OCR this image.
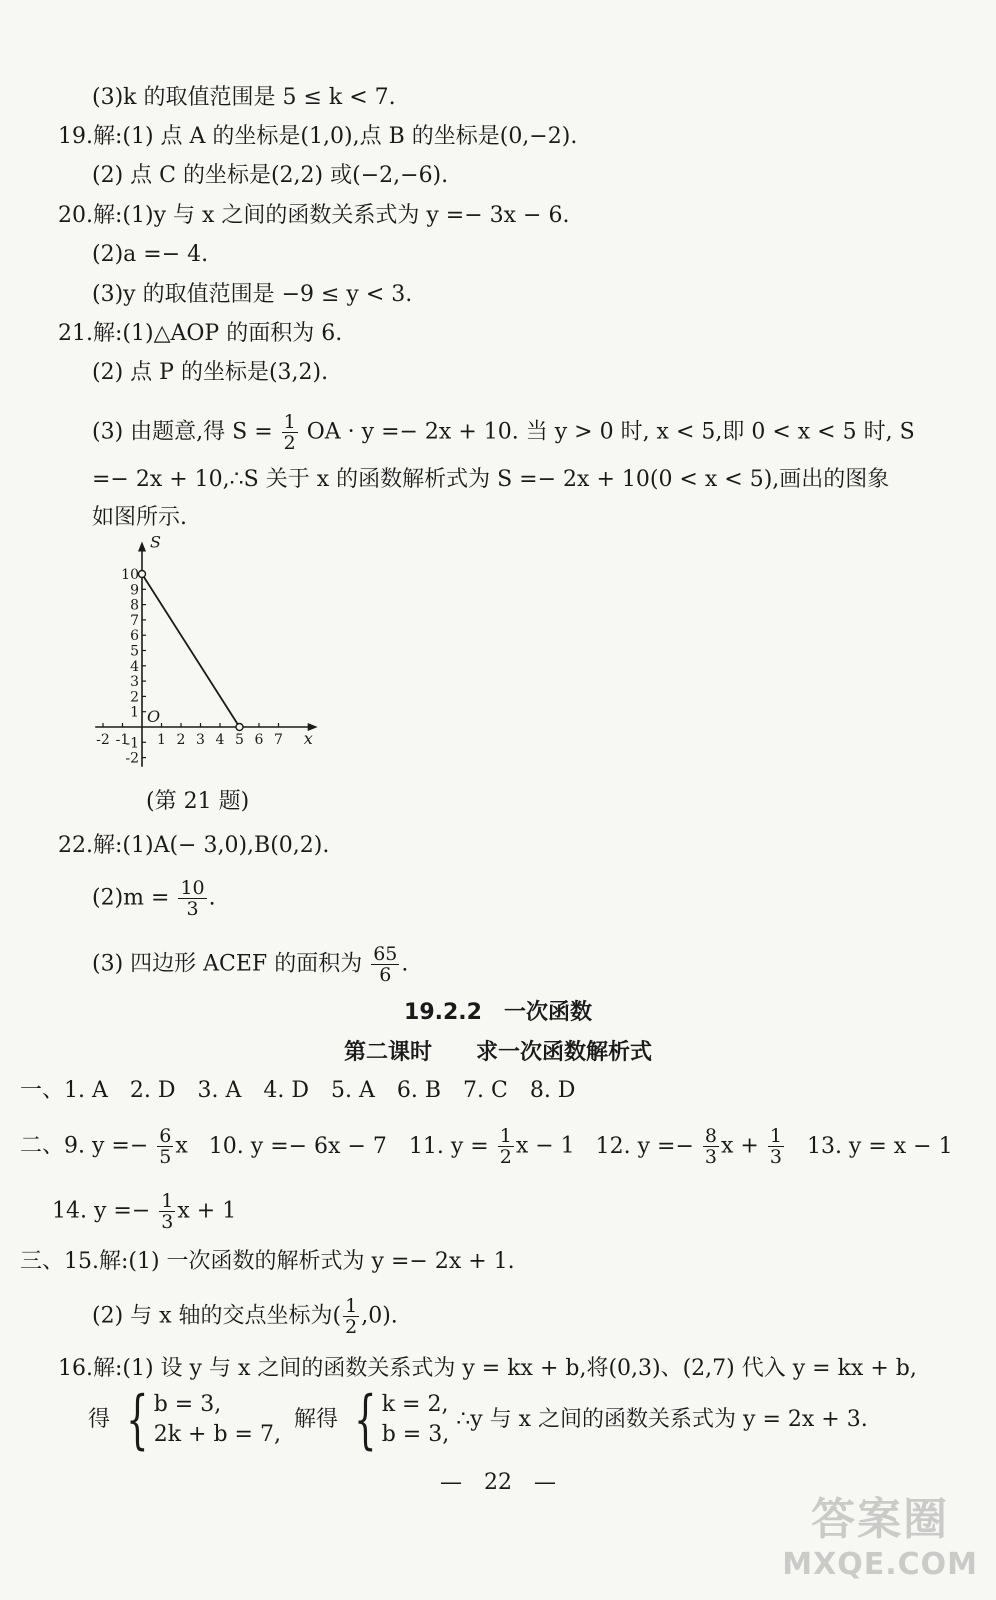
(3)k 的取值范围是 5 ≤ k < 7.
19.解:(1) 点 A 的坐标是(1,0),点 B 的坐标是(0,−2).
(2) 点 C 的坐标是(2,2) 或(−2,−6).
20.解:(1)y 与 x 之间的函数关系式为 y =− 3x − 6.
(2)a =− 4.
(3)y 的取值范围是 −9 ≤ y < 3.
21.解:(1)△AOP 的面积为 6.
(2) 点 P 的坐标是(3,2).
(3) 由题意,得 $S = \frac{1}{2}$ OA · y =− 2x + 10. 当 y > 0 时, x < 5,即 0 < x < 5 时, S
=− 2x + 10,∴S 关于 x 的函数解析式为 S =− 2x + 10(0 < x < 5),画出的图象
如图所示.
-2 -1 1 2 3 4 5 6 7
-2
-1
1
2
3
4
5
6
7
8
9
10
S
x
O
(第 21 题)
22.解:(1)A(− 3,0),B(0,2).
$(2)m = \frac{10}{3}$ .
(3) 四边形 ACEF 的面积为 $\frac{65}{6}$ .
19.2.2　一次函数
第二课时　　求一次函数解析式
一、1. A　2. D　3. A　4. D　5. A　6. B　7. C　8. D
二、9. $y =- \frac{6}{5}$ x 10. y =− 6x − 7　11. $y = \frac{1}{2}$ x − 1 12. $y =- \frac{8}{3}$ $x + \frac{1}{3} 13$. y = x − 1
14. $y =- \frac{1}{3}$ x + 1
三、15.解:(1) 一次函数的解析式为 y =− 2x + 1.
(2) 与 x 轴的交点坐标为( $\frac{1}{2} ,0$).
16.解:(1) 设 y 与 x 之间的函数关系式为 y = kx + b,将(0,3)、(2,7) 代入 y = kx + b,
得 { b = 3,
2k + b = 7,
解得 { k = 2,
b = 3,
∴y 与 x 之间的函数关系式为 y = 2x + 3.
—　22　—
答案圈
MXQE.COM
